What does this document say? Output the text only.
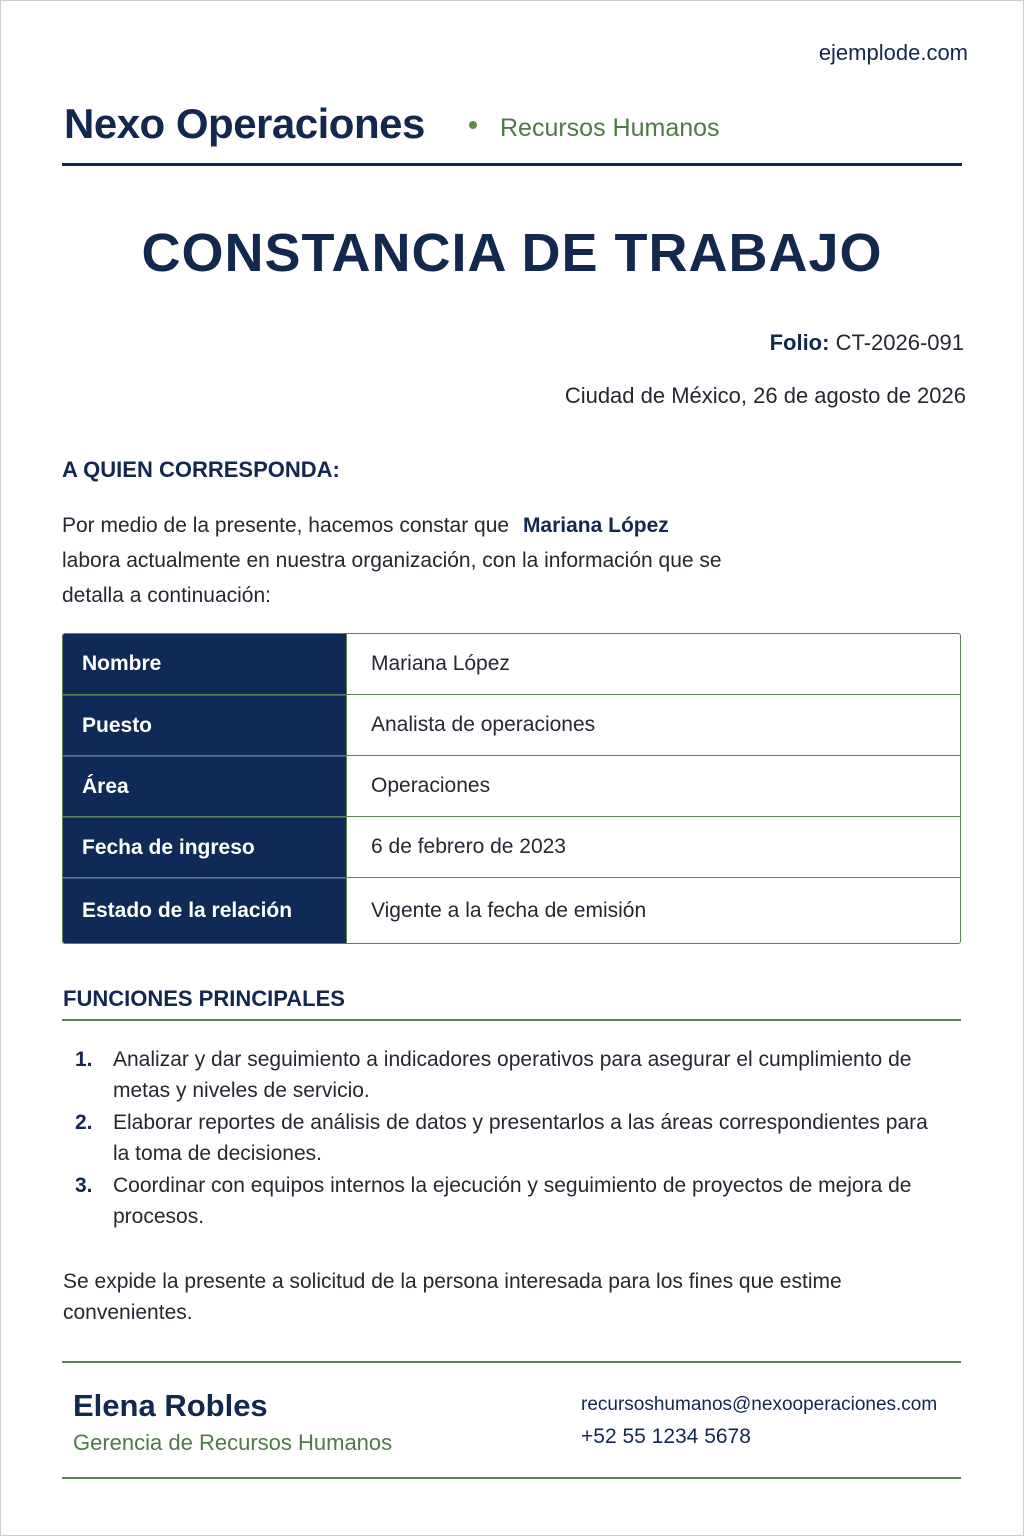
ejemplode.com
Nexo Operaciones	Recursos Humanos
CONSTANCIA DE TRABAJO
Folio: CT-2026-091
Ciudad de México, 26 de agosto de 2026
A QUIEN CORRESPONDA:
Por medio de la presente, hacemos constar que Mariana López
labora actualmente en nuestra organización, con la información que se detalla a continuación:
Nombre	Mariana López
Puesto	Analista de operaciones
Área	Operaciones
Fecha de ingreso	6 de febrero de 2023
Estado de la relación	Vigente a la fecha de emisión
FUNCIONES PRINCIPALES
1. Analizar y dar seguimiento a indicadores operativos para asegurar el cumplimiento de metas y niveles de servicio.
2. Elaborar reportes de análisis de datos y presentarlos a las áreas correspondientes para la toma de decisiones.
3. Coordinar con equipos internos la ejecución y seguimiento de proyectos de mejora de procesos.
Se expide la presente a solicitud de la persona interesada para los fines que estime convenientes.
Elena Robles
Gerencia de Recursos Humanos
recursoshumanos@nexooperaciones.com
+52 55 1234 5678
